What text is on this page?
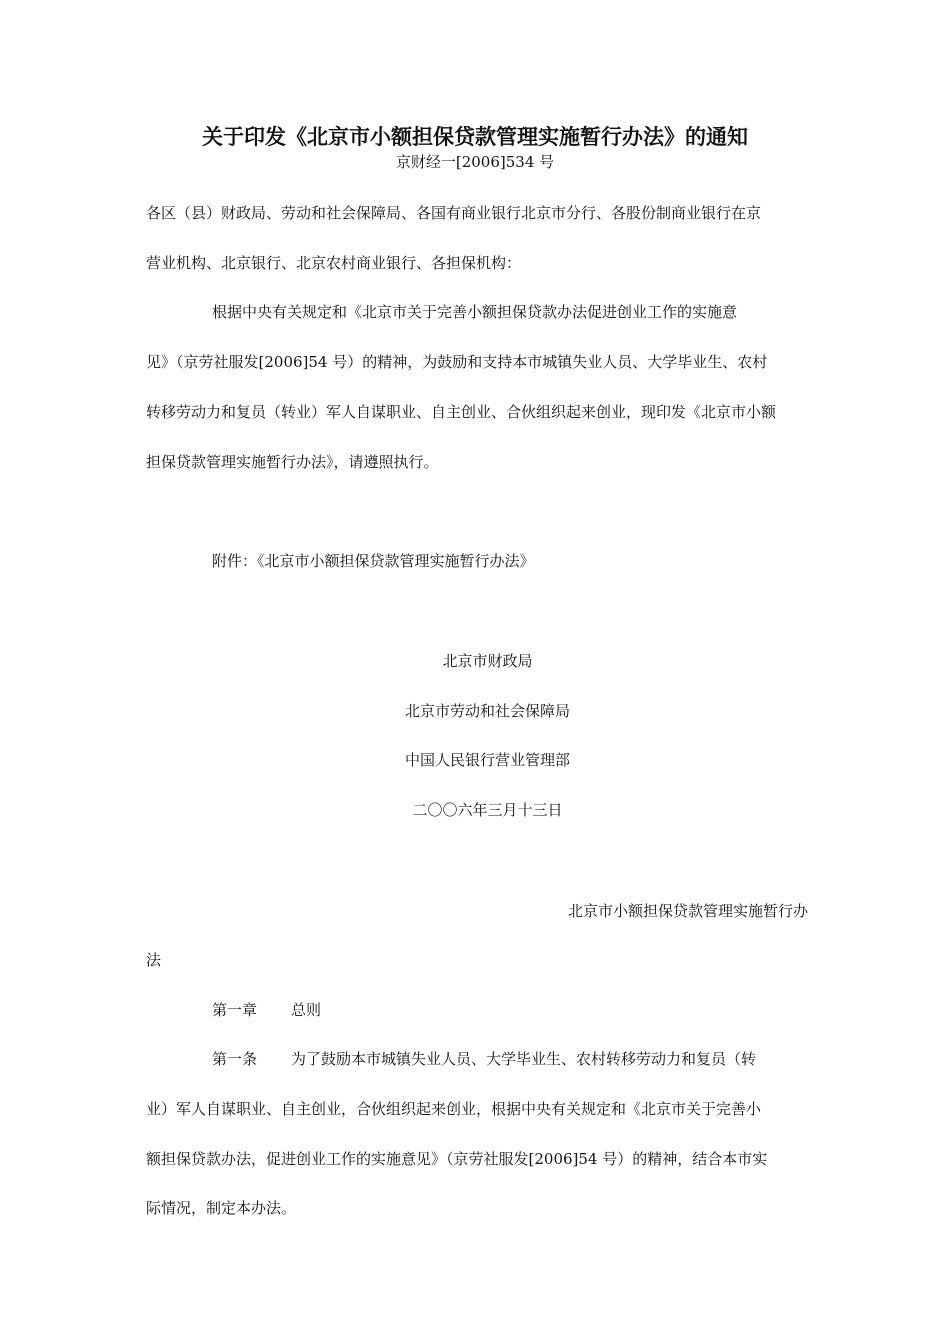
关于印发《北京市小额担保贷款管理实施暂行办法》的通知
京财经一[2006]534 号
各区（县）财政局、劳动和社会保障局、各国有商业银行北京市分行、各股份制商业银行在京
营业机构、北京银行、北京农村商业银行、各担保机构：
根据中央有关规定和《北京市关于完善小额担保贷款办法促进创业工作的实施意
见》（京劳社服发[2006]54 号）的精神，为鼓励和支持本市城镇失业人员、大学毕业生、农村
转移劳动力和复员（转业）军人自谋职业、自主创业、合伙组织起来创业，现印发《北京市小额
担保贷款管理实施暂行办法》，请遵照执行。
附件：《北京市小额担保贷款管理实施暂行办法》
北京市财政局
北京市劳动和社会保障局
中国人民银行营业管理部
二〇〇六年三月十三日
北京市小额担保贷款管理实施暂行办
法
第一章 总则
第一条 为了鼓励本市城镇失业人员、大学毕业生、农村转移劳动力和复员（转
业）军人自谋职业、自主创业，合伙组织起来创业，根据中央有关规定和《北京市关于完善小
额担保贷款办法，促进创业工作的实施意见》（京劳社服发[2006]54 号）的精神，结合本市实
际情况，制定本办法。
